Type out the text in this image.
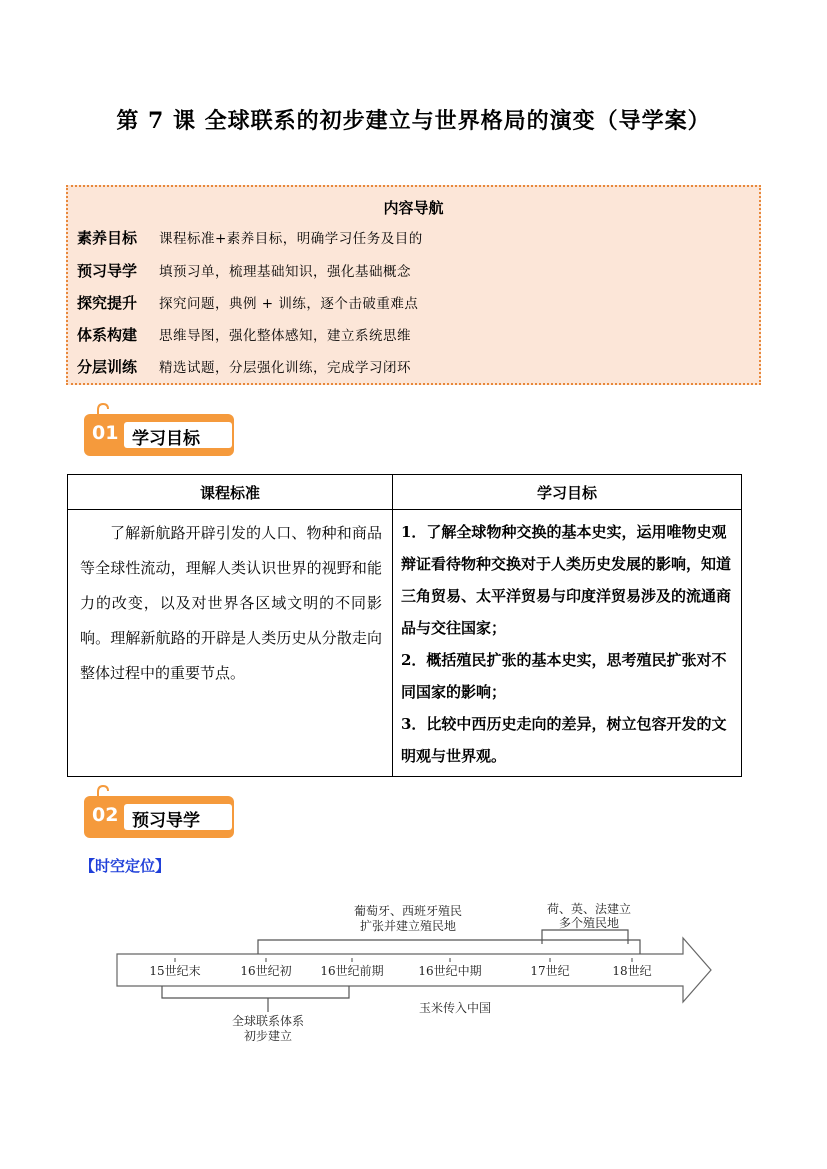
第 7 课 全球联系的初步建立与世界格局的演变（导学案）
内容导航
素养目标	课程标准+素养目标，明确学习任务及目的
预习导学	填预习单，梳理基础知识，强化基础概念
探究提升	探究问题，典例 + 训练，逐个击破重难点
体系构建	思维导图，强化整体感知，建立系统思维
分层训练	精选试题，分层强化训练，完成学习闭环
01 学习目标
课程标准	学习目标
了解新航路开辟引发的人口、物种和商品等全球性流动，理解人类认识世界的视野和能力的改变，以及对世界各区域文明的不同影响。理解新航路的开辟是人类历史从分散走向整体过程中的重要节点。	1．了解全球物种交换的基本史实，运用唯物史观辩证看待物种交换对于人类历史发展的影响，知道三角贸易、太平洋贸易与印度洋贸易涉及的流通商品与交往国家；

2．概括殖民扩张的基本史实，思考殖民扩张对不同国家的影响；

3．比较中西历史走向的差异，树立包容开发的文明观与世界观。

02 预习导学
【时空定位】
15世纪末	16世纪初 16世纪前期	16世纪中期	17世纪	18世纪
葡萄牙、西班牙殖民
扩张并建立殖民地
荷、英、法建立
多个殖民地
全球联系体系
初步建立
玉米传入中国
